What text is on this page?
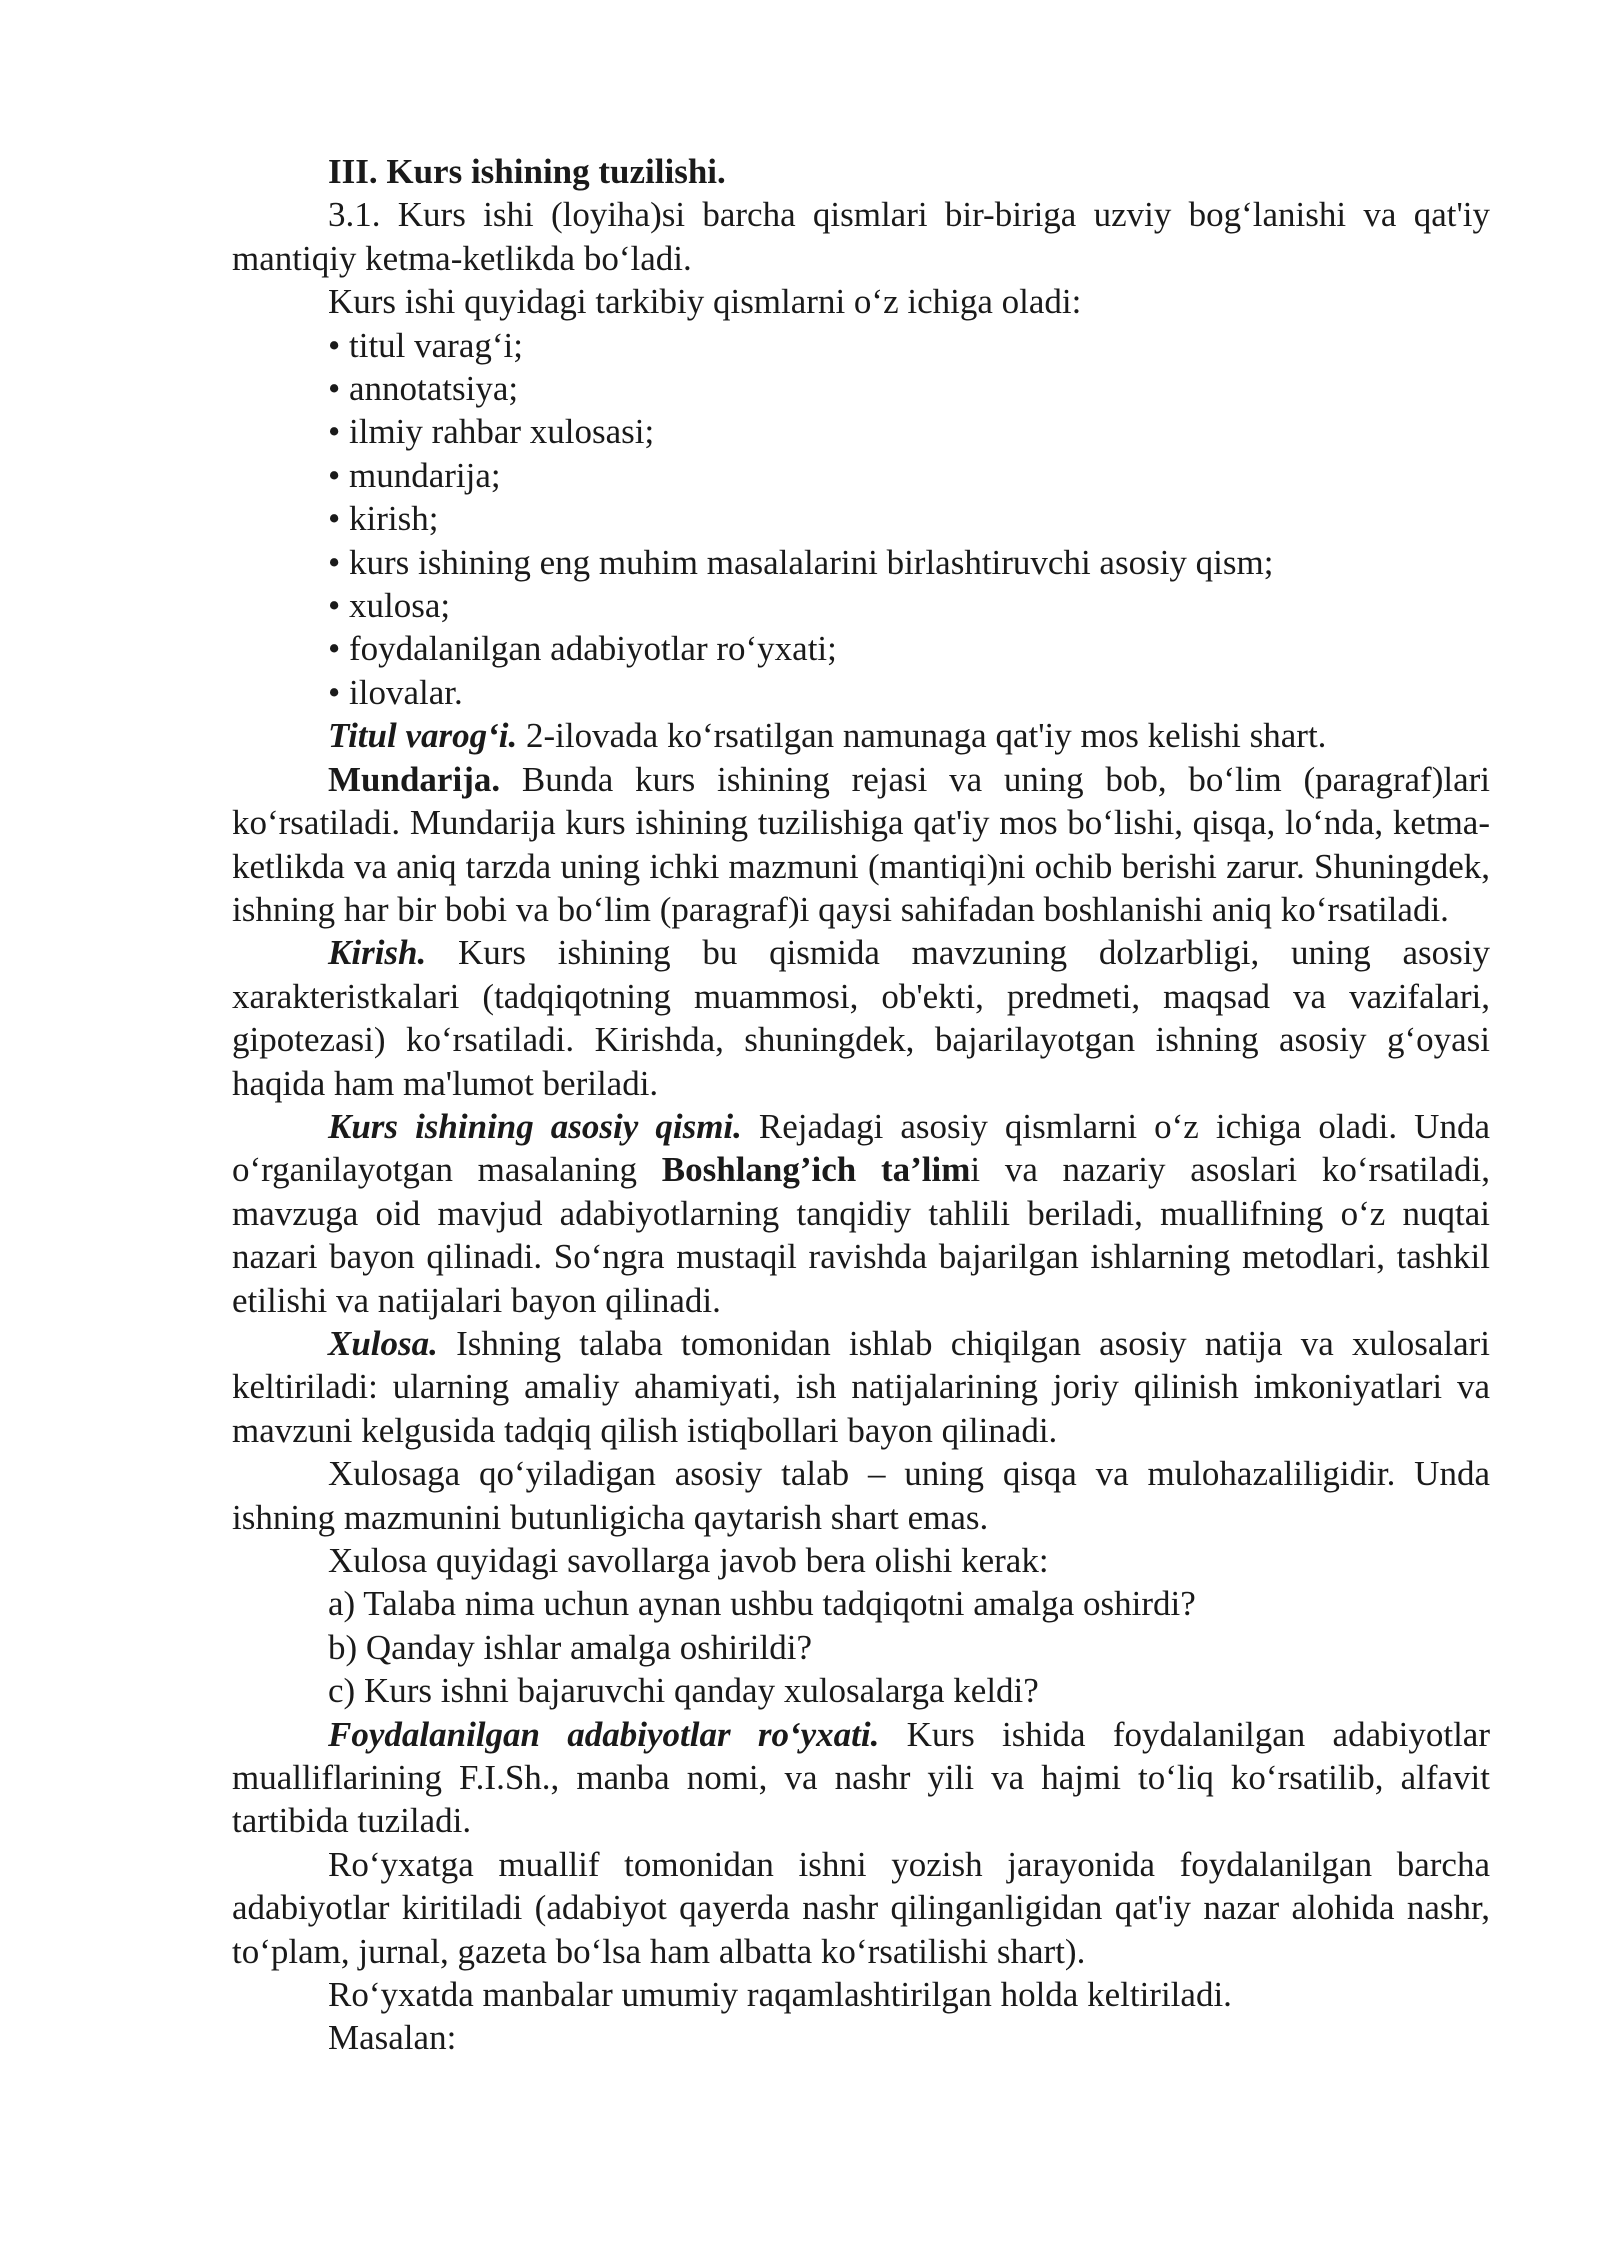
III. Kurs ishining tuzilishi.

3.1. Kurs ishi (loyiha)si barcha qismlari bir-biriga uzviy bog‘lanishi va qat'iy mantiqiy ketma-ketlikda bo‘ladi.

Kurs ishi quyidagi tarkibiy qismlarni o‘z ichiga oladi:

• titul varag‘i;

• annotatsiya;

• ilmiy rahbar xulosasi;

• mundarija;

• kirish;

• kurs ishining eng muhim masalalarini birlashtiruvchi asosiy qism;

• xulosa;

• foydalanilgan adabiyotlar ro‘yxati;

• ilovalar.

Titul varog‘i. 2-ilovada ko‘rsatilgan namunaga qat'iy mos kelishi shart.

Mundarija. Bunda kurs ishining rejasi va uning bob, bo‘lim (paragraf)lari ko‘rsatiladi. Mundarija kurs ishining tuzilishiga qat'iy mos bo‘lishi, qisqa, lo‘nda, ketma-ketlikda va aniq tarzda uning ichki mazmuni (mantiqi)ni ochib berishi zarur. Shuningdek, ishning har bir bobi va bo‘lim (paragraf)i qaysi sahifadan boshlanishi aniq ko‘rsatiladi.

Kirish. Kurs ishining bu qismida mavzuning dolzarbligi, uning asosiy xarakteristkalari (tadqiqotning muammosi, ob'ekti, predmeti, maqsad va vazifalari, gipotezasi) ko‘rsatiladi. Kirishda, shuningdek, bajarilayotgan ishning asosiy g‘oyasi haqida ham ma'lumot beriladi.

Kurs ishining asosiy qismi. Rejadagi asosiy qismlarni o‘z ichiga oladi. Unda o‘rganilayotgan masalaning Boshlang’ich ta’limi va nazariy asoslari ko‘rsatiladi, mavzuga oid mavjud adabiyotlarning tanqidiy tahlili beriladi, muallifning o‘z nuqtai nazari bayon qilinadi. So‘ngra mustaqil ravishda bajarilgan ishlarning metodlari, tashkil etilishi va natijalari bayon qilinadi.

Xulosa. Ishning talaba tomonidan ishlab chiqilgan asosiy natija va xulosalari keltiriladi: ularning amaliy ahamiyati, ish natijalarining joriy qilinish imkoniyatlari va mavzuni kelgusida tadqiq qilish istiqbollari bayon qilinadi.

Xulosaga qo‘yiladigan asosiy talab – uning qisqa va mulohazaliligidir. Unda ishning mazmunini butunligicha qaytarish shart emas.

Xulosa quyidagi savollarga javob bera olishi kerak:

a) Talaba nima uchun aynan ushbu tadqiqotni amalga oshirdi?

b) Qanday ishlar amalga oshirildi?

c) Kurs ishni bajaruvchi qanday xulosalarga keldi?

Foydalanilgan adabiyotlar ro‘yxati. Kurs ishida foydalanilgan adabiyotlar mualliflarining F.I.Sh., manba nomi, va nashr yili va hajmi to‘liq ko‘rsatilib, alfavit tartibida tuziladi.

Ro‘yxatga muallif tomonidan ishni yozish jarayonida foydalanilgan barcha adabiyotlar kiritiladi (adabiyot qayerda nashr qilinganligidan qat'iy nazar alohida nashr, to‘plam, jurnal, gazeta bo‘lsa ham albatta ko‘rsatilishi shart).

Ro‘yxatda manbalar umumiy raqamlashtirilgan holda keltiriladi.

Masalan:
